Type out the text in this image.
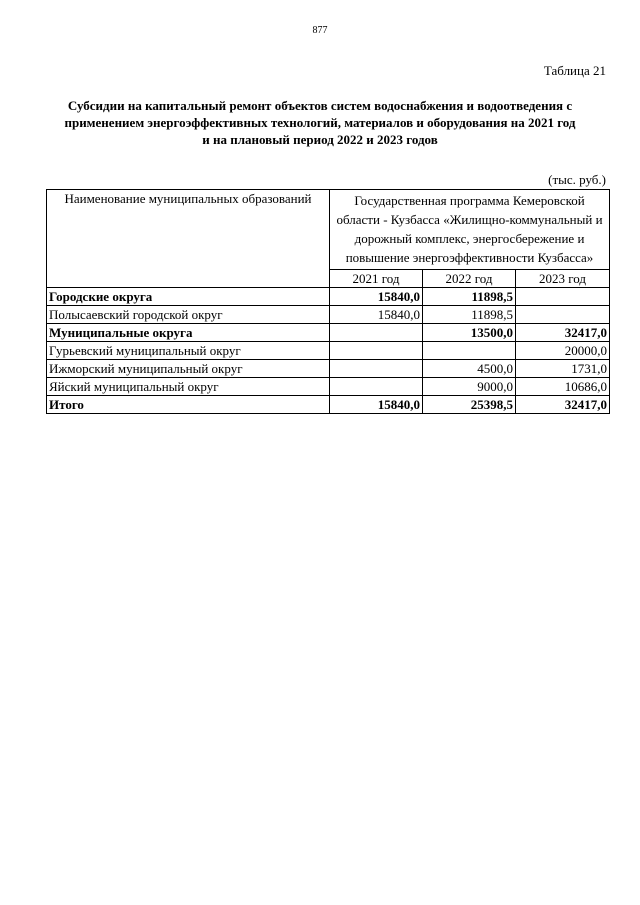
877
Таблица 21
Субсидии на капитальный ремонт объектов систем водоснабжения и водоотведения с
применением энергоэффективных технологий, материалов и оборудования на 2021 год
и на плановый период 2022 и 2023 годов
(тыс. руб.)
Наименование муниципальных образований	Государственная программа Кемеровской области - Кузбасса «Жилищно-коммунальный и дорожный комплекс, энергосбережение и повышение энергоэффективности Кузбасса»		
	2021 год	2022 год	2023 год
Городские округа	15840,0	11898,5	
Полысаевский городской округ	15840,0	11898,5	
Муниципальные округа		13500,0	32417,0
Гурьевский муниципальный округ			20000,0
Ижморский муниципальный округ		4500,0	1731,0
Яйский муниципальный округ		9000,0	10686,0
Итого	15840,0	25398,5	32417,0
